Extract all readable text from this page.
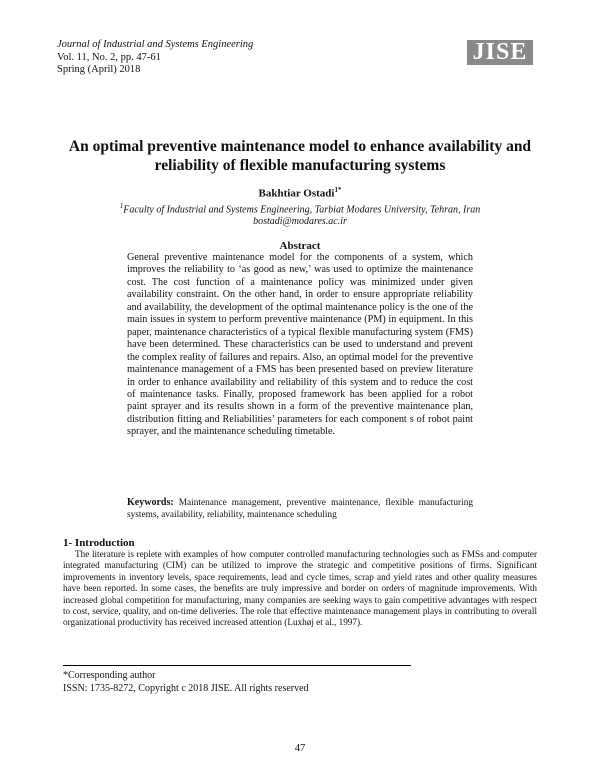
Journal of Industrial and Systems Engineering
Vol. 11, No. 2, pp. 47-61
Spring (April) 2018
JISE
An optimal preventive maintenance model to enhance availability and reliability of flexible manufacturing systems
Bakhtiar Ostadi$^{1*}$
$^1$Faculty of Industrial and Systems Engineering, Tarbiat Modares University, Tehran, Iran
bostadi@modares.ac.ir
Abstract
General preventive maintenance model for the components of a system, which improves the reliability to ‘as good as new,’ was used to optimize the maintenance cost. The cost function of a maintenance policy was minimized under given availability constraint. On the other hand, in order to ensure appropriate reliability and availability, the development of the optimal maintenance policy is the one of the main issues in system to perform preventive maintenance (PM) in equipment. In this paper, maintenance characteristics of a typical flexible manufacturing system (FMS) have been determined. These characteristics can be used to understand and prevent the complex reality of failures and repairs. Also, an optimal model for the preventive maintenance management of a FMS has been presented based on preview literature in order to enhance availability and reliability of this system and to reduce the cost of maintenance tasks. Finally, proposed framework has been applied for a robot paint sprayer and its results shown in a form of the preventive maintenance plan, distribution fitting and Reliabilities’ parameters for each component s of robot paint sprayer, and the maintenance scheduling timetable.
Keywords: Maintenance management, preventive maintenance, flexible manufacturing systems, availability, reliability, maintenance scheduling
1- Introduction
The literature is replete with examples of how computer controlled manufacturing technologies such as FMSs and computer integrated manufacturing (CIM) can be utilized to improve the strategic and competitive positions of firms. Significant improvements in inventory levels, space requirements, lead and cycle times, scrap and yield rates and other quality measures have been reported. In some cases, the benefits are truly impressive and border on orders of magnitude improvements. With increased global competition for manufacturing, many companies are seeking ways to gain competitive advantages with respect to cost, service, quality, and on-time deliveries. The role that effective maintenance management plays in contributing to overall organizational productivity has received increased attention (Luxhøj et al., 1997).
*Corresponding author
ISSN: 1735-8272, Copyright c 2018 JISE. All rights reserved
47
